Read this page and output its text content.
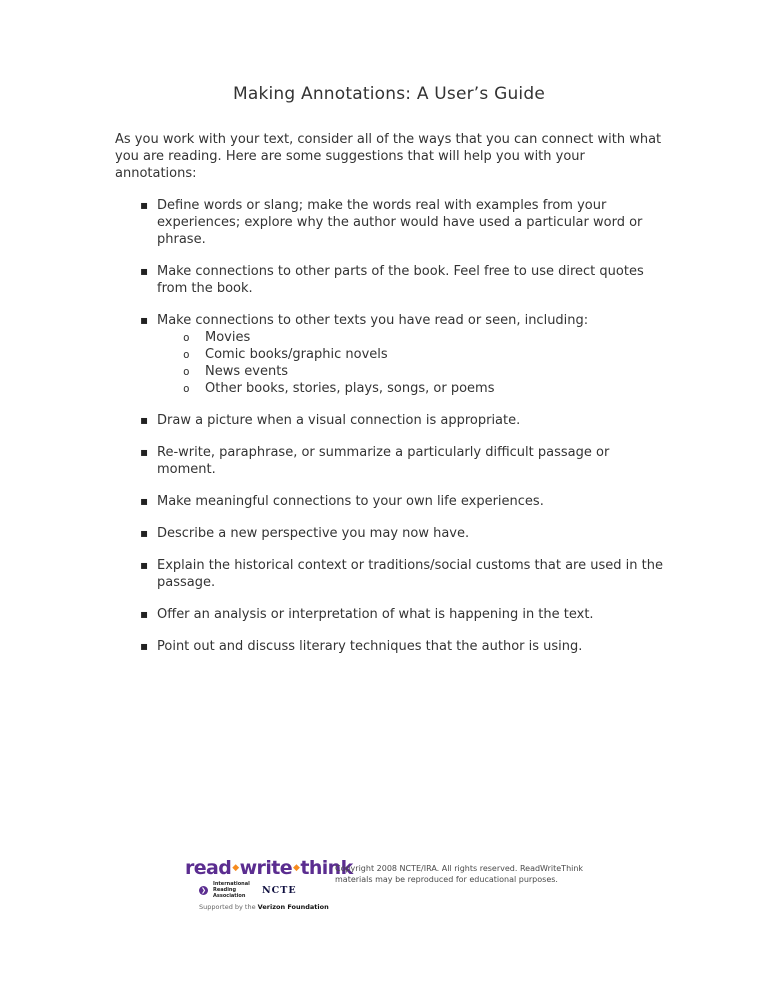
Making Annotations: A User’s Guide

As you work with your text, consider all of the ways that you can connect with what you are reading. Here are some suggestions that will help you with your annotations:

▪ Define words or slang; make the words real with examples from your experiences; explore why the author would have used a particular word or phrase.
▪ Make connections to other parts of the book. Feel free to use direct quotes from the book.
▪ Make connections to other texts you have read or seen, including:
o Movies
o Comic books/graphic novels
o News events
o Other books, stories, plays, songs, or poems
▪ Draw a picture when a visual connection is appropriate.
▪ Re-write, paraphrase, or summarize a particularly difficult passage or moment.
▪ Make meaningful connections to your own life experiences.
▪ Describe a new perspective you may now have.
▪ Explain the historical context or traditions/social customs that are used in the passage.
▪ Offer an analysis or interpretation of what is happening in the text.
▪ Point out and discuss literary techniques that the author is using.
read◆write◆think
❯
International Reading Association
NCTE
Supported by the Verizon Foundation
Copyright 2008 NCTE/IRA. All rights reserved. ReadWriteThink
materials may be reproduced for educational purposes.
